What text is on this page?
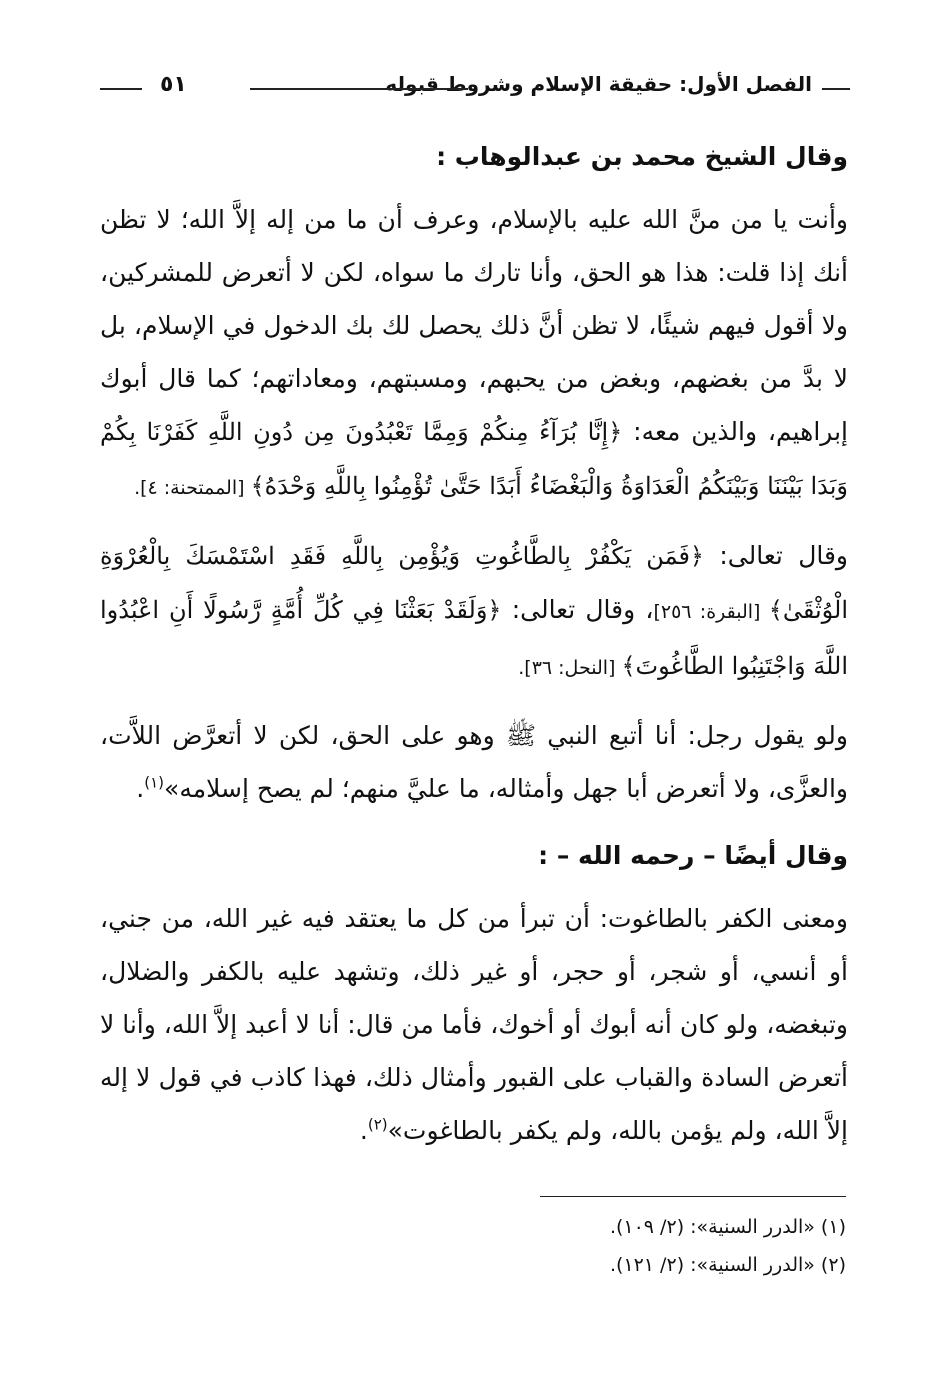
الفصل الأول: حقيقة الإسلام وشروط قبوله
٥١
وقال الشيخ محمد بن عبدالوهاب :

وأنت يا من منَّ الله عليه بالإسلام، وعرف أن ما من إله إلاَّ الله؛ لا تظن أنك إذا قلت: هذا هو الحق، وأنا تارك ما سواه، لكن لا أتعرض للمشركين، ولا أقول فيهم شيئًا، لا تظن أنَّ ذلك يحصل لك بك الدخول في الإسلام، بل لا بدَّ من بغضهم، وبغض من يحبهم، ومسبتهم، ومعاداتهم؛ كما قال أبوك إبراهيم، والذين معه: ﴿إِنَّا بُرَآءُ مِنكُمْ وَمِمَّا تَعْبُدُونَ مِن دُونِ اللَّهِ كَفَرْنَا بِكُمْ وَبَدَا بَيْنَنَا وَبَيْنَكُمُ الْعَدَاوَةُ وَالْبَغْضَاءُ أَبَدًا حَتَّىٰ تُؤْمِنُوا بِاللَّهِ وَحْدَهُ﴾ [الممتحنة: ٤].

وقال تعالى: ﴿فَمَن يَكْفُرْ بِالطَّاغُوتِ وَيُؤْمِن بِاللَّهِ فَقَدِ اسْتَمْسَكَ بِالْعُرْوَةِ الْوُثْقَىٰ﴾ [البقرة: ٢٥٦]، وقال تعالى: ﴿وَلَقَدْ بَعَثْنَا فِي كُلِّ أُمَّةٍ رَّسُولًا أَنِ اعْبُدُوا اللَّهَ وَاجْتَنِبُوا الطَّاغُوتَ﴾ [النحل: ٣٦].

ولو يقول رجل: أنا أتبع النبي ﷺ وهو على الحق، لكن لا أتعرَّض اللاَّت، والعزَّى، ولا أتعرض أبا جهل وأمثاله، ما عليَّ منهم؛ لم يصح إسلامه»$^{(١)}$.

وقال أيضًا – رحمه الله – :

ومعنى الكفر بالطاغوت: أن تبرأ من كل ما يعتقد فيه غير الله، من جني، أو أنسي، أو شجر، أو حجر، أو غير ذلك، وتشهد عليه بالكفر والضلال، وتبغضه، ولو كان أنه أبوك أو أخوك، فأما من قال: أنا لا أعبد إلاَّ الله، وأنا لا أتعرض السادة والقباب على القبور وأمثال ذلك، فهذا كاذب في قول لا إله إلاَّ الله، ولم يؤمن بالله، ولم يكفر بالطاغوت»$^{(٢)}$.

(١) «الدرر السنية»: (٢/ ١٠٩).
(٢) «الدرر السنية»: (٢/ ١٢١).
